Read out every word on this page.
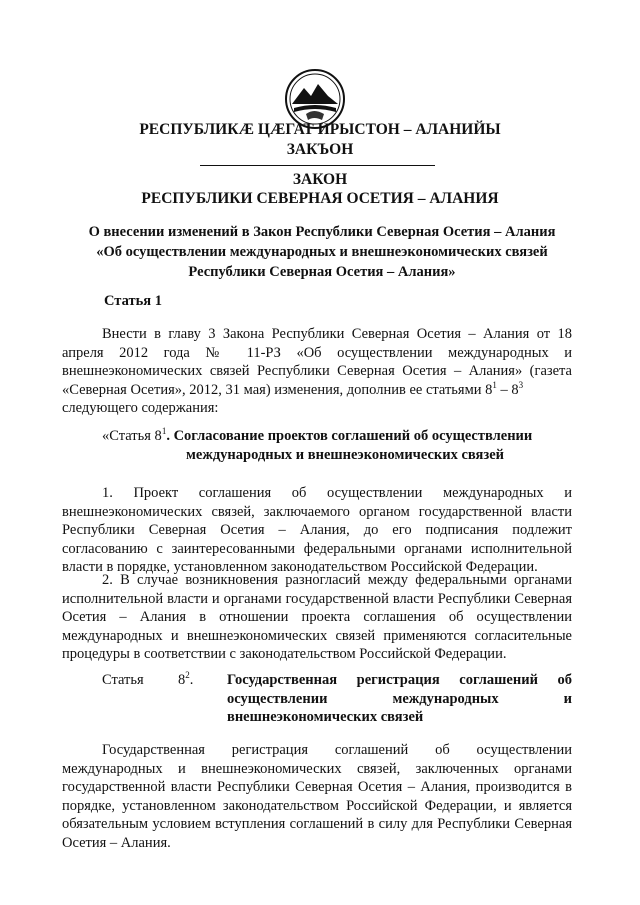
РЕСПУБЛИКÆ ЦÆГАТ ИРЫСТОН – АЛАНИЙЫ
ЗАКЪОН
ЗАКОН
РЕСПУБЛИКИ СЕВЕРНАЯ ОСЕТИЯ – АЛАНИЯ
О внесении изменений в Закон Республики Северная Осетия – Алания
«Об осуществлении международных и внешнеэкономических связей
Республики Северная Осетия – Алания»
Статья 1
Внести в главу 3 Закона Республики Северная Осетия – Алания от 18 апреля 2012 года № 11-РЗ «Об осуществлении международных и внешнеэкономических связей Республики Северная Осетия – Алания» (газета «Северная Осетия», 2012, 31 мая) изменения, дополнив ее статьями $8^1 - 8^3$
следующего содержания:
«Статья $8^1$. Согласование проектов соглашений об осуществлении
международных и внешнеэкономических связей
1. Проект соглашения об осуществлении международных и внешнеэкономических связей, заключаемого органом государственной власти Республики Северная Осетия – Алания, до его подписания подлежит согласованию с заинтересованными федеральными органами исполнительной власти в порядке, установленном законодательством Российской Федерации.
2. В случае возникновения разногласий между федеральными органами исполнительной власти и органами государственной власти Республики Северная Осетия – Алания в отношении проекта соглашения об осуществлении международных и внешнеэкономических связей применяются согласительные процедуры в соответствии с законодательством Российской Федерации.
Статья $8^2$. Государственная регистрация соглашений об осуществлении международных и внешнеэкономических связей
Государственная регистрация соглашений об осуществлении международных и внешнеэкономических связей, заключенных органами государственной власти Республики Северная Осетия – Алания, производится в порядке, установленном законодательством Российской Федерации, и является обязательным условием вступления соглашений в силу для Республики Северная Осетия – Алания.
